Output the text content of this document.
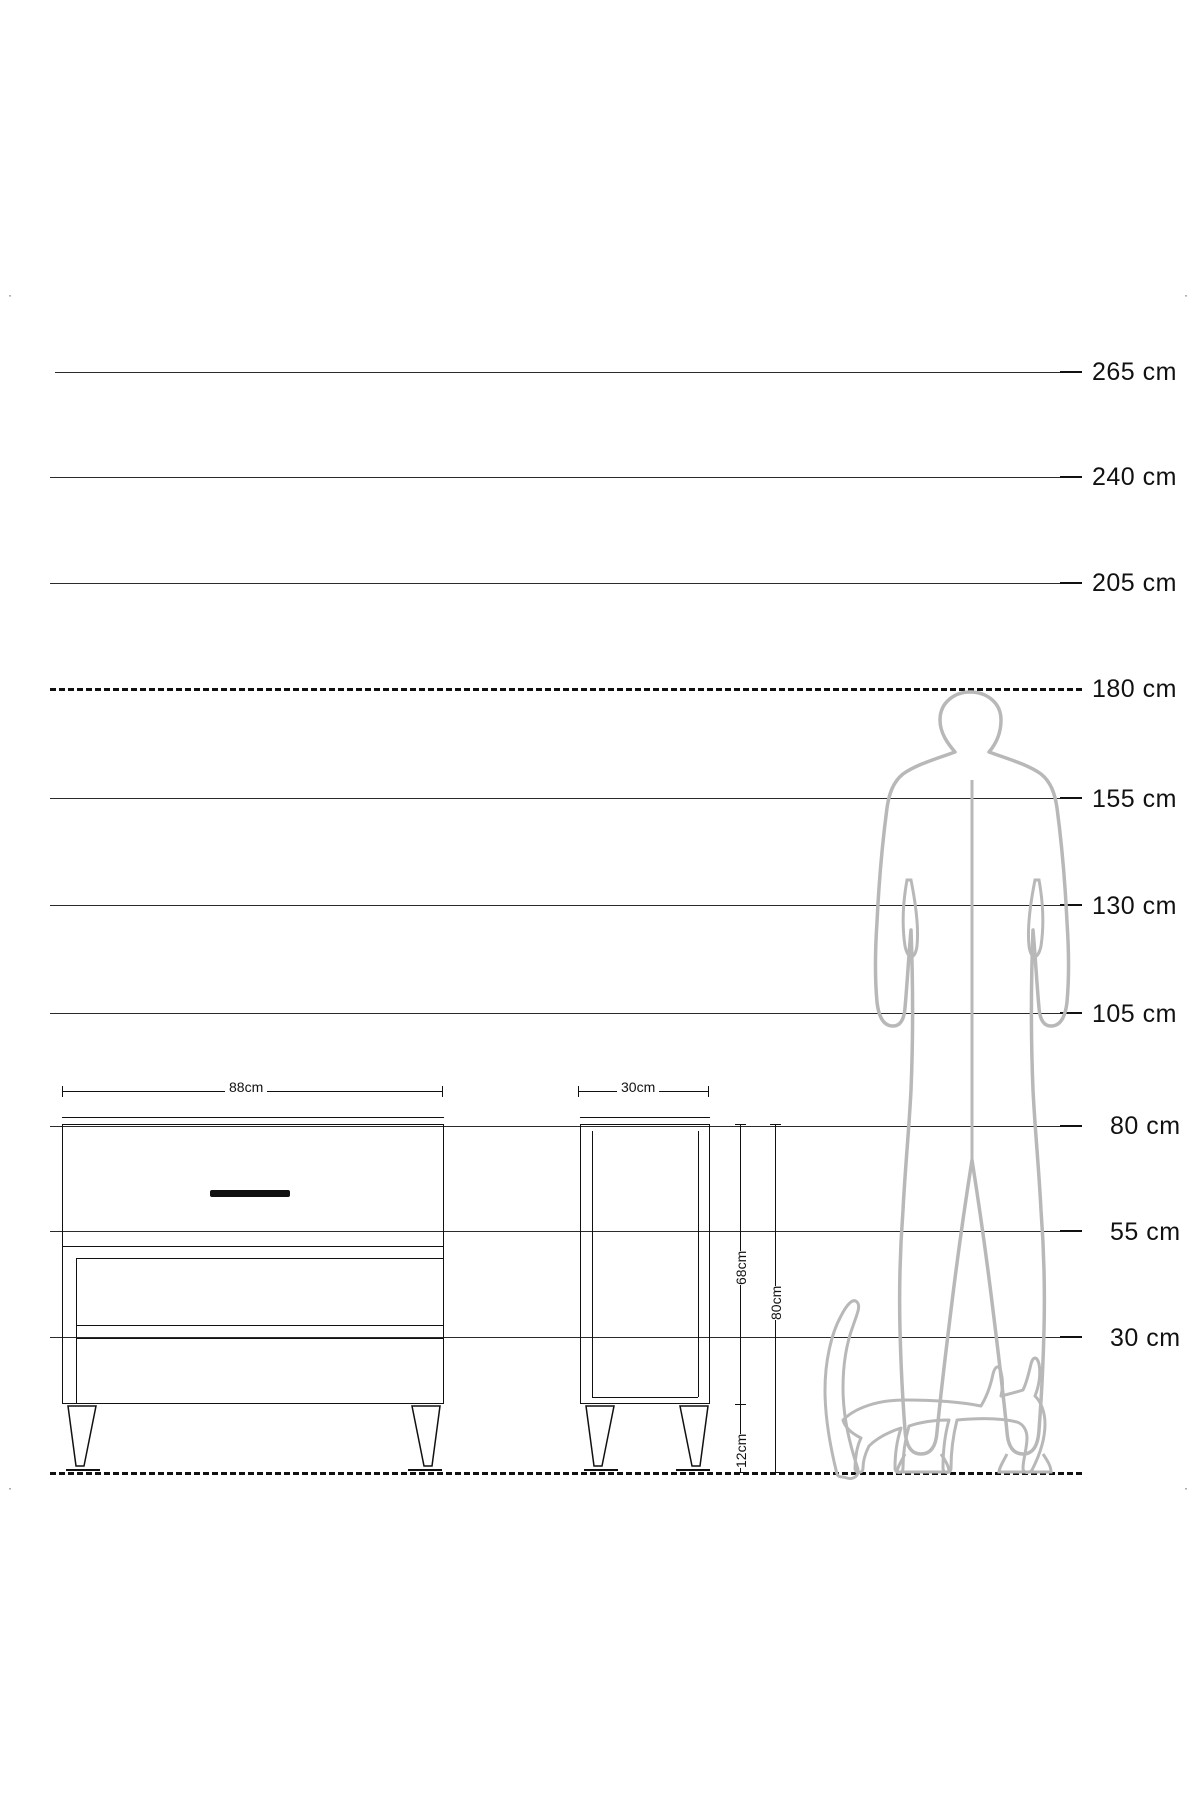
·	·
·	·
265 cm
240 cm
205 cm
180 cm
155 cm
130 cm
105 cm
80 cm
55 cm
30 cm
88cm	30cm
68cm
80cm
12cm
